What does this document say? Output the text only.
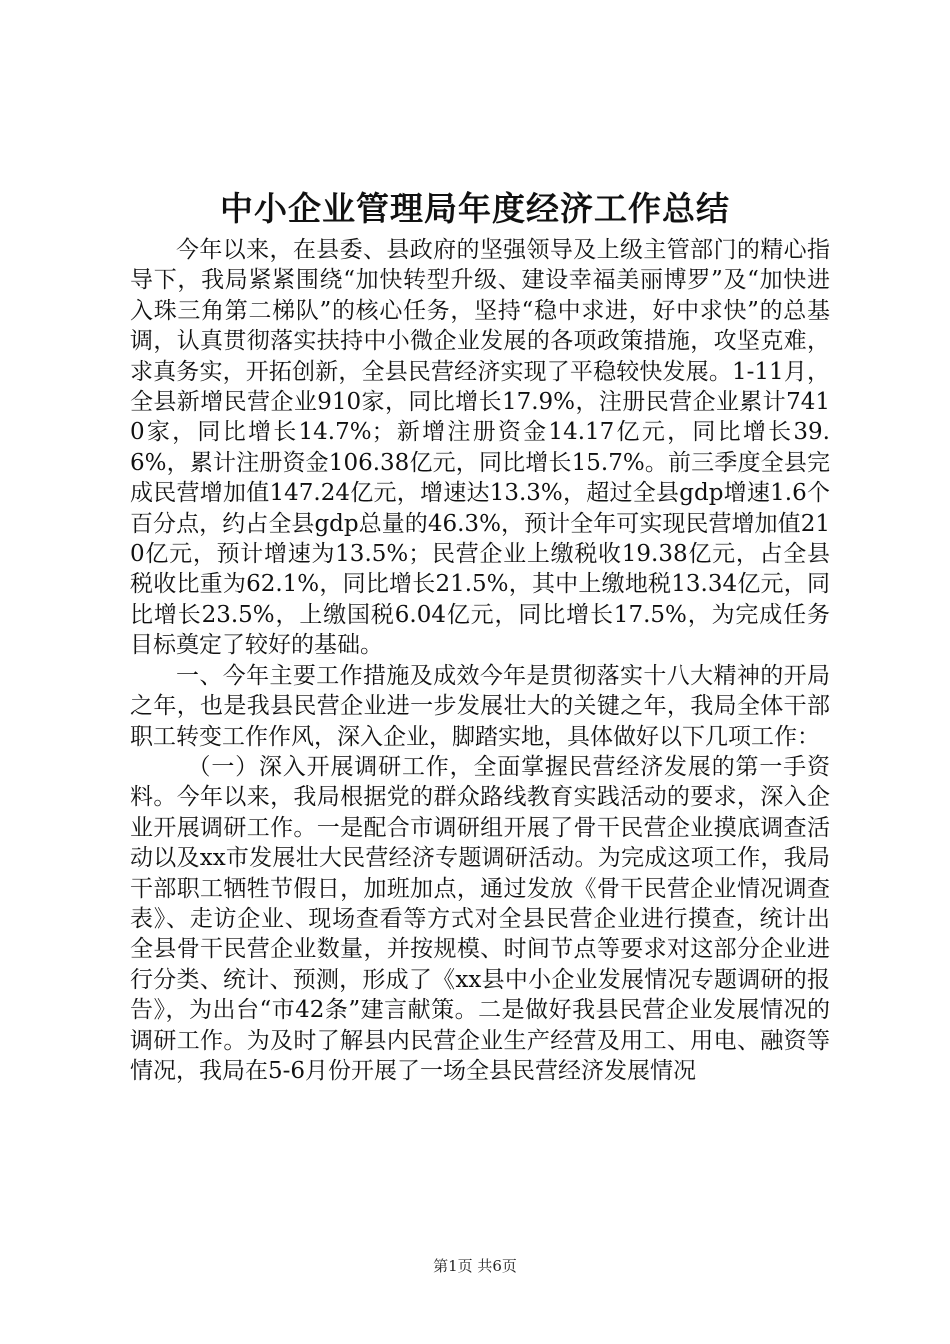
中小企业管理局年度经济工作总结

今年以来，在县委、县政府的坚强领导及上级主管部门的精心指导下，我局紧紧围绕“加快转型升级、建设幸福美丽博罗”及“加快进入珠三角第二梯队”的核心任务，坚持“稳中求进，好中求快”的总基调，认真贯彻落实扶持中小微企业发展的各项政策措施，攻坚克难，求真务实，开拓创新，全县民营经济实现了平稳较快发展。1-11月，全县新增民营企业910家，同比增长17.9%，注册民营企业累计7410家，同比增长14.7%；新增注册资金14.17亿元，同比增长39.6%，累计注册资金106.38亿元，同比增长15.7%。前三季度全县完成民营增加值147.24亿元，增速达13.3%，超过全县gdp增速1.6个百分点，约占全县gdp总量的46.3%，预计全年可实现民营增加值210亿元，预计增速为13.5%；民营企业上缴税收19.38亿元，占全县税收比重为62.1%，同比增长21.5%，其中上缴地税13.34亿元，同比增长23.5%，上缴国税6.04亿元，同比增长17.5%，为完成任务目标奠定了较好的基础。

一、今年主要工作措施及成效今年是贯彻落实十八大精神的开局之年，也是我县民营企业进一步发展壮大的关键之年，我局全体干部职工转变工作作风，深入企业，脚踏实地，具体做好以下几项工作：

（一）深入开展调研工作，全面掌握民营经济发展的第一手资料。今年以来，我局根据党的群众路线教育实践活动的要求，深入企业开展调研工作。一是配合市调研组开展了骨干民营企业摸底调查活动以及xx市发展壮大民营经济专题调研活动。为完成这项工作，我局干部职工牺牲节假日，加班加点，通过发放《骨干民营企业情况调查表》、走访企业、现场查看等方式对全县民营企业进行摸查，统计出全县骨干民营企业数量，并按规模、时间节点等要求对这部分企业进行分类、统计、预测，形成了《xx县中小企业发展情况专题调研的报告》，为出台“市42条”建言献策。二是做好我县民营企业发展情况的调研工作。为及时了解县内民营企业生产经营及用工、用电、融资等情况，我局在5-6月份开展了一场全县民营经济发展情况

第1页 共6页
